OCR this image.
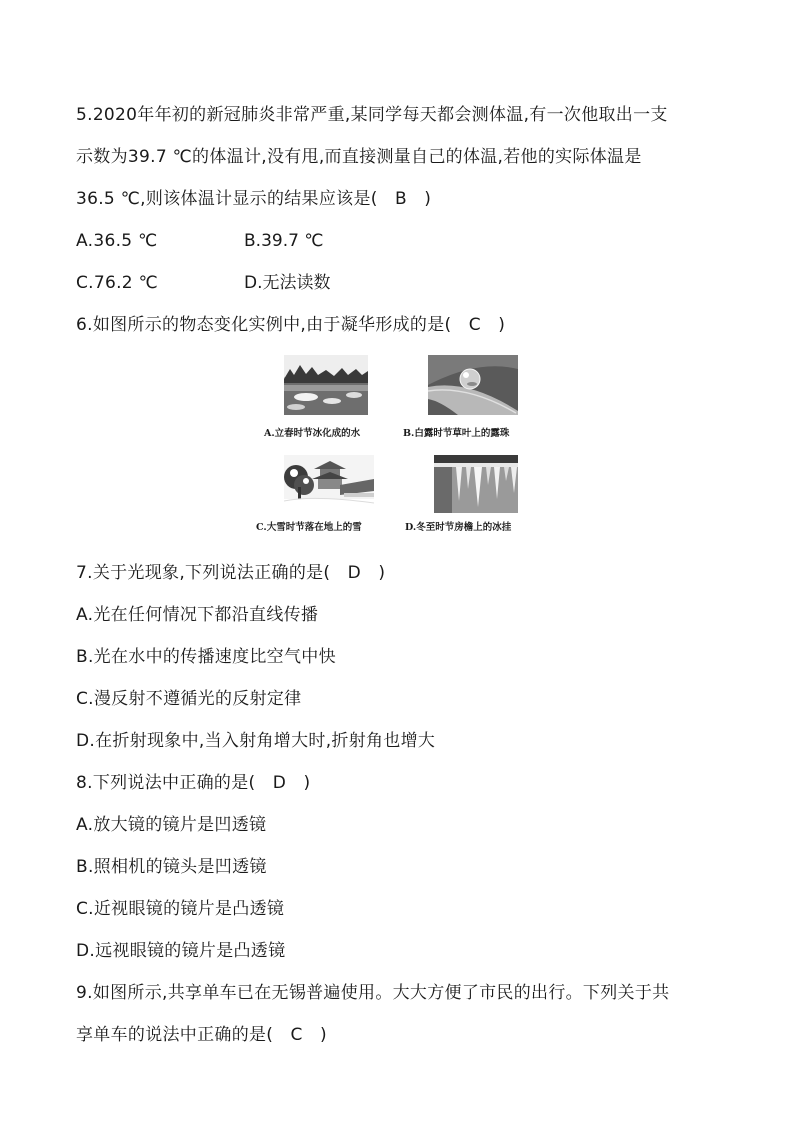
5.2020年年初的新冠肺炎非常严重,某同学每天都会测体温,有一次他取出一支
示数为39.7 ℃的体温计,没有甩,而直接测量自己的体温,若他的实际体温是
36.5 ℃,则该体温计显示的结果应该是(　B　)
A.36.5 ℃	B.39.7 ℃
C.76.2 ℃	D.无法读数
6.如图所示的物态变化实例中,由于凝华形成的是(　C　)
A.立春时节冰化成的水	B.白露时节草叶上的露珠
C.大雪时节落在地上的雪	D.冬至时节房檐上的冰挂
7.关于光现象,下列说法正确的是(　D　)
A.光在任何情况下都沿直线传播
B.光在水中的传播速度比空气中快
C.漫反射不遵循光的反射定律
D.在折射现象中,当入射角增大时,折射角也增大
8.下列说法中正确的是(　D　)
A.放大镜的镜片是凹透镜
B.照相机的镜头是凹透镜
C.近视眼镜的镜片是凸透镜
D.远视眼镜的镜片是凸透镜
9.如图所示,共享单车已在无锡普遍使用。大大方便了市民的出行。下列关于共
享单车的说法中正确的是(　C　)
